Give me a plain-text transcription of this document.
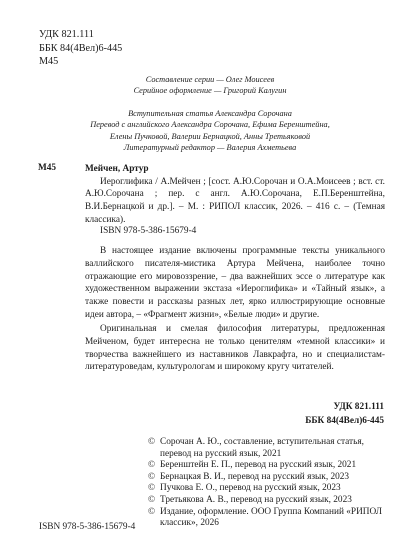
УДК 821.111
ББК 84(4Вел)6-445
М45
Составление серии — Олег Моисеев
Серийное оформление — Григорий Калугин
Вступительная статья Александра Сорочана
Перевод с английского Александра Сорочана, Ефима Беренштейна,
Елены Пучковой, Валерии Бернацкой, Анны Третьяковой
Литературный редактор — Валерия Ахметьева
М45	Мейчен, Артур
Иероглифика / А.Мейчен ; [сост. А.Ю.Сорочан и О.А.Моисеев ; вст. ст. А.Ю.Сорочана ; пер. с англ. А.Ю.Сорочана, Е.П.Беренштейна, В.И.Бернацкой и др.]. – М. : РИПОЛ классик, 2026. – 416 с. – (Темная классика).
ISBN 978-5-386-15679-4
В настоящее издание включены программные тексты уникального валлийского писателя-мистика Артура Мейчена, наиболее точно отражающие его мировоззрение, – два важнейших эссе о литературе как художественном выражении экстаза «Иероглифика» и «Тайный язык», а также повести и рассказы разных лет, ярко иллюстрирующие основные идеи автора, – «Фрагмент жизни», «Белые люди» и другие.
Оригинальная и смелая философия литературы, предложенная Мейченом, будет интересна не только ценителям «темной классики» и творчества важнейшего из наставников Лавкрафта, но и специалистам-литературоведам, культурологам и широкому кругу читателей.
УДК 821.111
ББК 84(4Вел)6-445
© Сорочан А. Ю., составление, вступительная статья, перевод на русский язык, 2021
© Беренштейн Е. П., перевод на русский язык, 2021
© Бернацкая В. И., перевод на русский язык, 2023
© Пучкова Е. О., перевод на русский язык, 2023
© Третьякова А. В., перевод на русский язык, 2023
© Издание, оформление. ООО Группа Компаний «РИПОЛ классик», 2026
ISBN 978-5-386-15679-4
